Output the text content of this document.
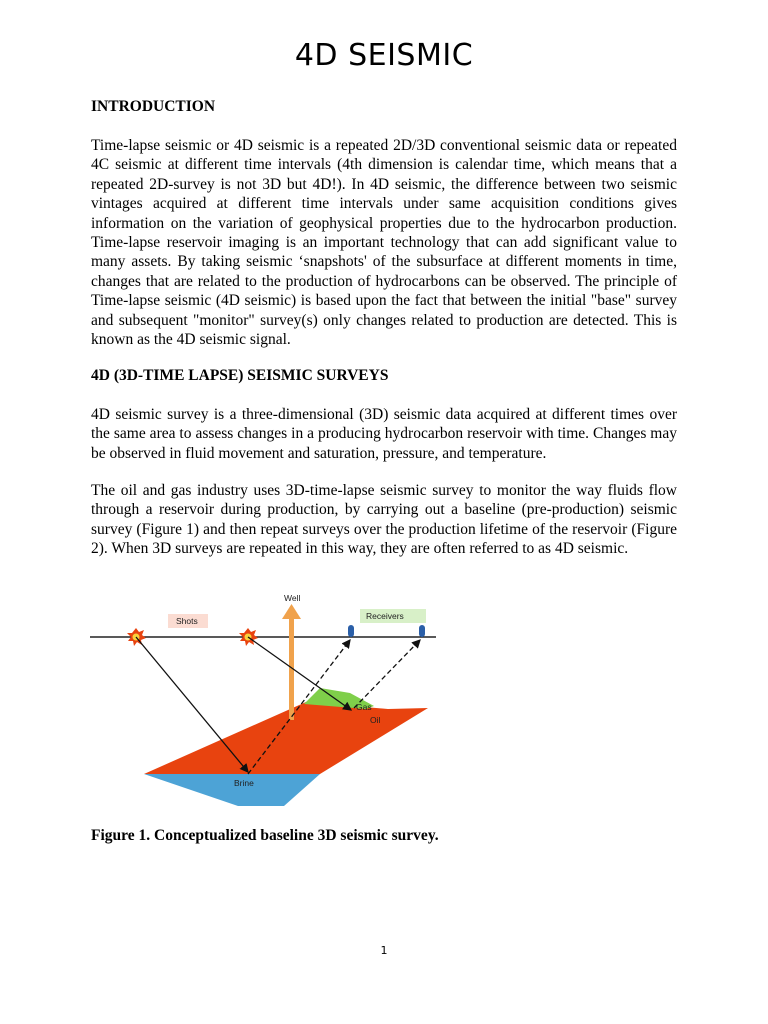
4D SEISMIC
INTRODUCTION

Time-lapse seismic or 4D seismic is a repeated 2D/3D conventional seismic data or repeated 4C seismic at different time intervals (4th dimension is calendar time, which means that a repeated 2D-survey is not 3D but 4D!). In 4D seismic, the difference between two seismic vintages acquired at different time intervals under same acquisition conditions gives information on the variation of geophysical properties due to the hydrocarbon production. Time-lapse reservoir imaging is an important technology that can add significant value to many assets. By taking seismic ‘snapshots' of the subsurface at different moments in time, changes that are related to the production of hydrocarbons can be observed. The principle of Time-lapse seismic (4D seismic) is based upon the fact that between the initial "base" survey and subsequent "monitor" survey(s) only changes related to production are detected. This is known as the 4D seismic signal.

4D (3D-TIME LAPSE) SEISMIC SURVEYS

4D seismic survey is a three-dimensional (3D) seismic data acquired at different times over the same area to assess changes in a producing hydrocarbon reservoir with time. Changes may be observed in fluid movement and saturation, pressure, and temperature.

The oil and gas industry uses 3D-time-lapse seismic survey to monitor the way fluids flow through a reservoir during production, by carrying out a baseline (pre-production) seismic survey (Figure 1) and then repeat surveys over the production lifetime of the reservoir (Figure 2). When 3D surveys are repeated in this way, they are often referred to as 4D seismic.

Well
Shots	Receivers
Gas
Oil
Brine

Figure 1. Conceptualized baseline 3D seismic survey.

1
